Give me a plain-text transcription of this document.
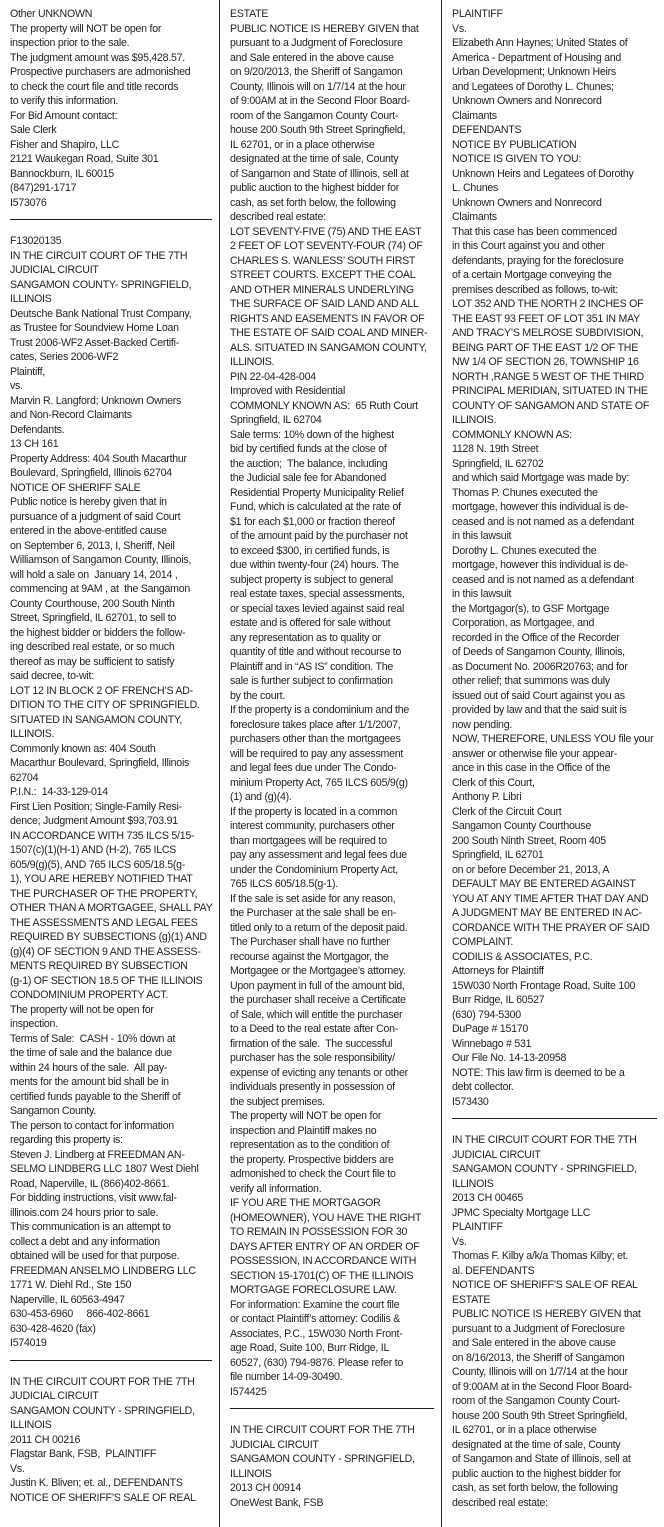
Other UNKNOWN
The property will NOT be open for
inspection prior to the sale.
The judgment amount was $95,428.57.
Prospective purchasers are admonished
to check the court file and title records
to verify this information.
For Bid Amount contact:
Sale Clerk
Fisher and Shapiro, LLC
2121 Waukegan Road, Suite 301
Bannockburn, IL 60015
(847)291-1717
I573076
F13020135
IN THE CIRCUIT COURT OF THE 7TH
JUDICIAL CIRCUIT
SANGAMON COUNTY- SPRINGFIELD,
ILLINOIS
Deutsche Bank National Trust Company,
as Trustee for Soundview Home Loan
Trust 2006-WF2 Asset-Backed Certifi-
cates, Series 2006-WF2
Plaintiff,
vs.
Marvin R. Langford; Unknown Owners
and Non-Record Claimants
Defendants.
13 CH 161
Property Address: 404 South Macarthur
Boulevard, Springfield, Illinois 62704
NOTICE OF SHERIFF SALE
Public notice is hereby given that in
pursuance of a judgment of said Court
entered in the above-entitled cause
on September 6, 2013, I, Sheriff, Neil
Williamson of Sangamon County, Illinois,
will hold a sale on  January 14, 2014 ,
commencing at 9AM , at  the Sangamon
County Courthouse, 200 South Ninth
Street, Springfield, IL 62701, to sell to
the highest bidder or bidders the follow-
ing described real estate, or so much
thereof as may be sufficient to satisfy
said decree, to-wit:
LOT 12 IN BLOCK 2 OF FRENCH’S AD-
DITION TO THE CITY OF SPRINGFIELD.
SITUATED IN SANGAMON COUNTY,
ILLINOIS.
Commonly known as: 404 South
Macarthur Boulevard, Springfield, Illinois
62704
P.I.N.:  14-33-129-014
First Lien Position; Single-Family Resi-
dence; Judgment Amount $93,703.91
IN ACCORDANCE WITH 735 ILCS 5/15-
1507(c)(1)(H-1) AND (H-2), 765 ILCS
605/9(g)(5), AND 765 ILCS 605/18.5(g-
1), YOU ARE HEREBY NOTIFIED THAT
THE PURCHASER OF THE PROPERTY,
OTHER THAN A MORTGAGEE, SHALL PAY
THE ASSESSMENTS AND LEGAL FEES
REQUIRED BY SUBSECTIONS (g)(1) AND
(g)(4) OF SECTION 9 AND THE ASSESS-
MENTS REQUIRED BY SUBSECTION
(g-1) OF SECTION 18.5 OF THE ILLINOIS
CONDOMINIUM PROPERTY ACT.
The property will not be open for
inspection.
Terms of Sale:  CASH - 10% down at
the time of sale and the balance due
within 24 hours of the sale.  All pay-
ments for the amount bid shall be in
certified funds payable to the Sheriff of
Sangamon County.
The person to contact for information
regarding this property is:
Steven J. Lindberg at FREEDMAN AN-
SELMO LINDBERG LLC 1807 West Diehl
Road, Naperville, IL (866)402-8661.
For bidding instructions, visit www.fal-
illinois.com 24 hours prior to sale.
This communication is an attempt to
collect a debt and any information
obtained will be used for that purpose.
FREEDMAN ANSELMO LINDBERG LLC
1771 W. Diehl Rd., Ste 150
Naperville, IL 60563-4947
630-453-6960     866-402-8661
630-428-4620 (fax)
I574019
IN THE CIRCUIT COURT FOR THE 7TH
JUDICIAL CIRCUIT
SANGAMON COUNTY - SPRINGFIELD,
ILLINOIS
2011 CH 00216
Flagstar Bank, FSB,  PLAINTIFF
Vs.
Justin K. Bliven; et. al., DEFENDANTS
NOTICE OF SHERIFF’S SALE OF REAL
ESTATE
PUBLIC NOTICE IS HEREBY GIVEN that
pursuant to a Judgment of Foreclosure
and Sale entered in the above cause
on 9/20/2013, the Sheriff of Sangamon
County, Illinois will on 1/7/14 at the hour
of 9:00AM at in the Second Floor Board-
room of the Sangamon County Court-
house 200 South 9th Street Springfield,
IL 62701, or in a place otherwise
designated at the time of sale, County
of Sangamon and State of Illinois, sell at
public auction to the highest bidder for
cash, as set forth below, the following
described real estate:
LOT SEVENTY-FIVE (75) AND THE EAST
2 FEET OF LOT SEVENTY-FOUR (74) OF
CHARLES S. WANLESS’ SOUTH FIRST
STREET COURTS. EXCEPT THE COAL
AND OTHER MINERALS UNDERLYING
THE SURFACE OF SAID LAND AND ALL
RIGHTS AND EASEMENTS IN FAVOR OF
THE ESTATE OF SAID COAL AND MINER-
ALS. SITUATED IN SANGAMON COUNTY,
ILLINOIS.
PIN 22-04-428-004
Improved with Residential
COMMONLY KNOWN AS:  65 Ruth Court
Springfield, IL 62704
Sale terms: 10% down of the highest
bid by certified funds at the close of
the auction;  The balance, including
the Judicial sale fee for Abandoned
Residential Property Municipality Relief
Fund, which is calculated at the rate of
$1 for each $1,000 or fraction thereof
of the amount paid by the purchaser not
to exceed $300, in certified funds, is
due within twenty-four (24) hours. The
subject property is subject to general
real estate taxes, special assessments,
or special taxes levied against said real
estate and is offered for sale without
any representation as to quality or
quantity of title and without recourse to
Plaintiff and in “AS IS” condition. The
sale is further subject to confirmation
by the court.
If the property is a condominium and the
foreclosure takes place after 1/1/2007,
purchasers other than the mortgagees
will be required to pay any assessment
and legal fees due under The Condo-
minium Property Act, 765 ILCS 605/9(g)
(1) and (g)(4).
If the property is located in a common
interest community, purchasers other
than mortgagees will be required to
pay any assessment and legal fees due
under the Condominium Property Act,
765 ILCS 605/18.5(g-1).
If the sale is set aside for any reason,
the Purchaser at the sale shall be en-
titled only to a return of the deposit paid.
The Purchaser shall have no further
recourse against the Mortgagor, the
Mortgagee or the Mortgagee’s attorney.
Upon payment in full of the amount bid,
the purchaser shall receive a Certificate
of Sale, which will entitle the purchaser
to a Deed to the real estate after Con-
firmation of the sale.  The successful
purchaser has the sole responsibility/
expense of evicting any tenants or other
individuals presently in possession of
the subject premises.
The property will NOT be open for
inspection and Plaintiff makes no
representation as to the condition of
the property. Prospective bidders are
admonished to check the Court file to
verify all information.
IF YOU ARE THE MORTGAGOR
(HOMEOWNER), YOU HAVE THE RIGHT
TO REMAIN IN POSSESSION FOR 30
DAYS AFTER ENTRY OF AN ORDER OF
POSSESSION, IN ACCORDANCE WITH
SECTION 15-1701(C) OF THE ILLINOIS
MORTGAGE FORECLOSURE LAW.
For information: Examine the court file
or contact Plaintiff’s attorney: Codilis &
Associates, P.C., 15W030 North Front-
age Road, Suite 100, Burr Ridge, IL
60527, (630) 794-9876. Please refer to
file number 14-09-30490.
I574425
IN THE CIRCUIT COURT FOR THE 7TH
JUDICIAL CIRCUIT
SANGAMON COUNTY - SPRINGFIELD,
ILLINOIS
2013 CH 00914
OneWest Bank, FSB
PLAINTIFF
Vs.
Elizabeth Ann Haynes; United States of
America - Department of Housing and
Urban Development; Unknown Heirs
and Legatees of Dorothy L. Chunes;
Unknown Owners and Nonrecord
Claimants
DEFENDANTS
NOTICE BY PUBLICATION
NOTICE IS GIVEN TO YOU:
Unknown Heirs and Legatees of Dorothy
L. Chunes
Unknown Owners and Nonrecord
Claimants
That this case has been commenced
in this Court against you and other
defendants, praying for the foreclosure
of a certain Mortgage conveying the
premises described as follows, to-wit:
LOT 352 AND THE NORTH 2 INCHES OF
THE EAST 93 FEET OF LOT 351 IN MAY
AND TRACY’S MELROSE SUBDIVISION,
BEING PART OF THE EAST 1/2 OF THE
NW 1/4 OF SECTION 26, TOWNSHIP 16
NORTH ,RANGE 5 WEST OF THE THIRD
PRINCIPAL MERIDIAN, SITUATED IN THE
COUNTY OF SANGAMON AND STATE OF
ILLINOIS.
COMMONLY KNOWN AS:
1128 N. 19th Street
Springfield, IL 62702
and which said Mortgage was made by:
Thomas P. Chunes executed the
mortgage, however this individual is de-
ceased and is not named as a defendant
in this lawsuit
Dorothy L. Chunes executed the
mortgage, however this individual is de-
ceased and is not named as a defendant
in this lawsuit
the Mortgagor(s), to GSF Mortgage
Corporation, as Mortgagee, and
recorded in the Office of the Recorder
of Deeds of Sangamon County, Illinois,
as Document No. 2006R20763; and for
other relief; that summons was duly
issued out of said Court against you as
provided by law and that the said suit is
now pending.
NOW, THEREFORE, UNLESS YOU file your
answer or otherwise file your appear-
ance in this case in the Office of the
Clerk of this Court,
Anthony P. Libri
Clerk of the Circuit Court
Sangamon County Courthouse
200 South Ninth Street, Room 405
Springfield, IL 62701
on or before December 21, 2013, A
DEFAULT MAY BE ENTERED AGAINST
YOU AT ANY TIME AFTER THAT DAY AND
A JUDGMENT MAY BE ENTERED IN AC-
CORDANCE WITH THE PRAYER OF SAID
COMPLAINT.
CODILIS & ASSOCIATES, P.C.
Attorneys for Plaintiff
15W030 North Frontage Road, Suite 100
Burr Ridge, IL 60527
(630) 794-5300
DuPage # 15170
Winnebago # 531
Our File No. 14-13-20958
NOTE: This law firm is deemed to be a
debt collector.
I573430
IN THE CIRCUIT COURT FOR THE 7TH
JUDICIAL CIRCUIT
SANGAMON COUNTY - SPRINGFIELD,
ILLINOIS
2013 CH 00465
JPMC Specialty Mortgage LLC
PLAINTIFF
Vs.
Thomas F. Kilby a/k/a Thomas Kilby; et.
al. DEFENDANTS
NOTICE OF SHERIFF’S SALE OF REAL
ESTATE
PUBLIC NOTICE IS HEREBY GIVEN that
pursuant to a Judgment of Foreclosure
and Sale entered in the above cause
on 8/16/2013, the Sheriff of Sangamon
County, Illinois will on 1/7/14 at the hour
of 9:00AM at in the Second Floor Board-
room of the Sangamon County Court-
house 200 South 9th Street Springfield,
IL 62701, or in a place otherwise
designated at the time of sale, County
of Sangamon and State of Illinois, sell at
public auction to the highest bidder for
cash, as set forth below, the following
described real estate:
